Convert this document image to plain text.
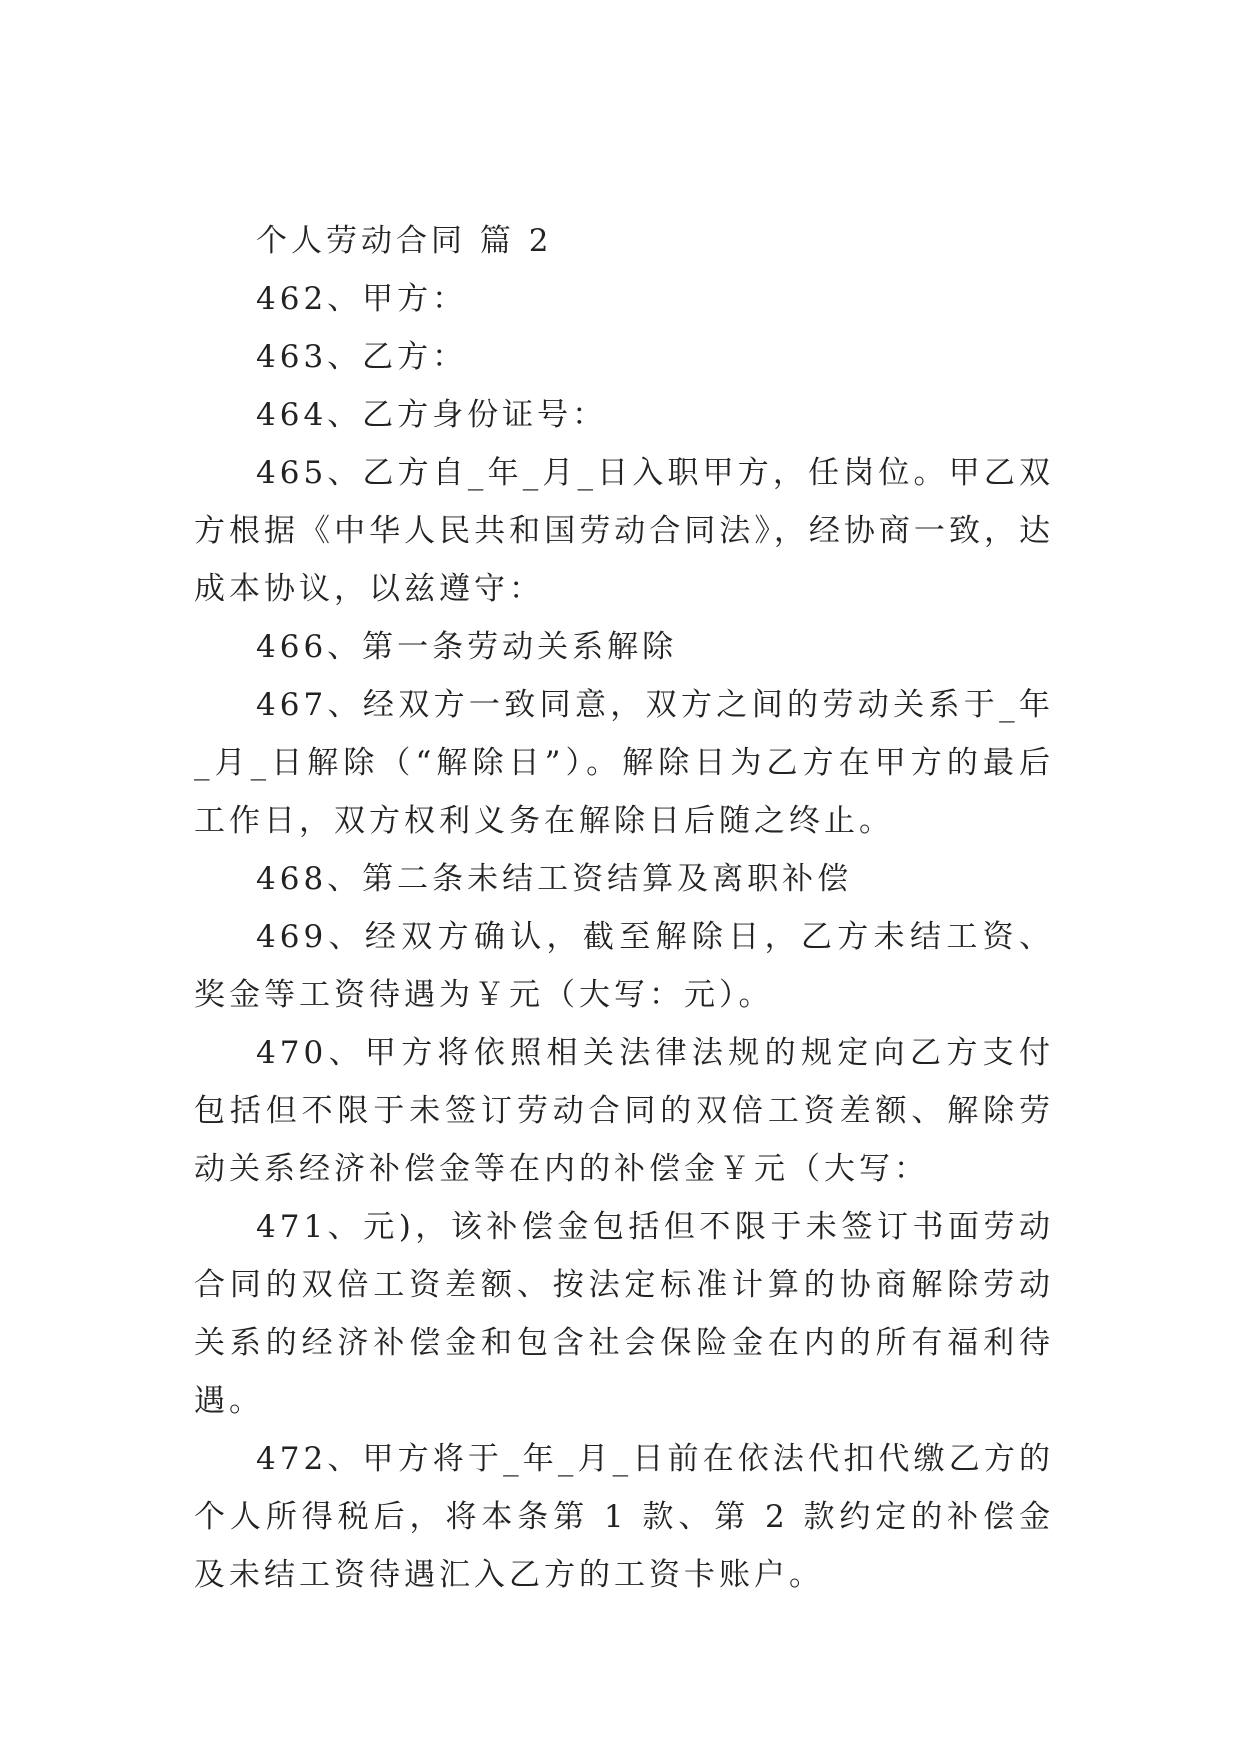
个人劳动合同 篇 2

462、甲方：

463、乙方：

464、乙方身份证号：

465、乙方自_年_月_日入职甲方，任岗位。甲乙双方根据《中华人民共和国劳动合同法》，经协商一致，达成本协议，以兹遵守：

466、第一条劳动关系解除

467、经双方一致同意，双方之间的劳动关系于_年_月_日解除（“解除日”）。解除日为乙方在甲方的最后工作日，双方权利义务在解除日后随之终止。

468、第二条未结工资结算及离职补偿

469、经双方确认，截至解除日，乙方未结工资、奖金等工资待遇为￥元（大写：元）。

470、甲方将依照相关法律法规的规定向乙方支付包括但不限于未签订劳动合同的双倍工资差额、解除劳动关系经济补偿金等在内的补偿金￥元（大写：

471、元)，该补偿金包括但不限于未签订书面劳动合同的双倍工资差额、按法定标准计算的协商解除劳动关系的经济补偿金和包含社会保险金在内的所有福利待遇。

472、甲方将于_年_月_日前在依法代扣代缴乙方的个人所得税后，将本条第 1 款、第 2 款约定的补偿金及未结工资待遇汇入乙方的工资卡账户。
